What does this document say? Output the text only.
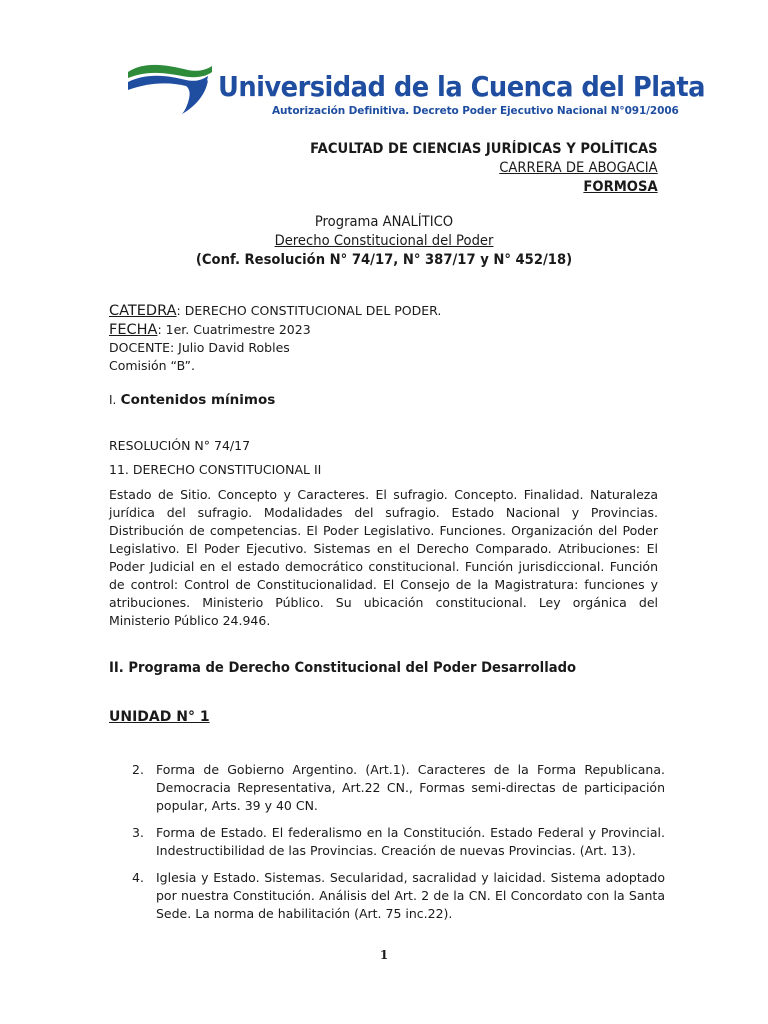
Universidad de la Cuenca del Plata
Autorización Definitiva. Decreto Poder Ejecutivo Nacional N°091/2006
FACULTAD DE CIENCIAS JURÍDICAS Y POLÍTICAS
CARRERA DE ABOGACIA
FORMOSA
Programa ANALÍTICO
Derecho Constitucional del Poder
(Conf. Resolución N° 74/17, N° 387/17 y N° 452/18)
CATEDRA: DERECHO CONSTITUCIONAL DEL PODER.
FECHA: 1er. Cuatrimestre 2023
DOCENTE: Julio David Robles
Comisión “B”.
I. Contenidos mínimos
RESOLUCIÓN N° 74/17
11. DERECHO CONSTITUCIONAL II
Estado de Sitio. Concepto y Caracteres. El sufragio. Concepto. Finalidad. Naturaleza jurídica del sufragio. Modalidades del sufragio. Estado Nacional y Provincias. Distribución de competencias. El Poder Legislativo. Funciones. Organización del Poder Legislativo. El Poder Ejecutivo. Sistemas en el Derecho Comparado. Atribuciones: El Poder Judicial en el estado democrático constitucional. Función jurisdiccional. Función de control: Control de Constitucionalidad. El Consejo de la Magistratura: funciones y atribuciones. Ministerio Público. Su ubicación constitucional. Ley orgánica del Ministerio Público 24.946.
II. Programa de Derecho Constitucional del Poder Desarrollado
UNIDAD N° 1
2. Forma de Gobierno Argentino. (Art.1). Caracteres de la Forma Republicana. Democracia Representativa, Art.22 CN., Formas semi-directas de participación popular, Arts. 39 y 40 CN.
3. Forma de Estado. El federalismo en la Constitución. Estado Federal y Provincial. Indestructibilidad de las Provincias. Creación de nuevas Provincias. (Art. 13).
4. Iglesia y Estado. Sistemas. Secularidad, sacralidad y laicidad. Sistema adoptado por nuestra Constitución. Análisis del Art. 2 de la CN. El Concordato con la Santa Sede. La norma de habilitación (Art. 75 inc.22).
1
